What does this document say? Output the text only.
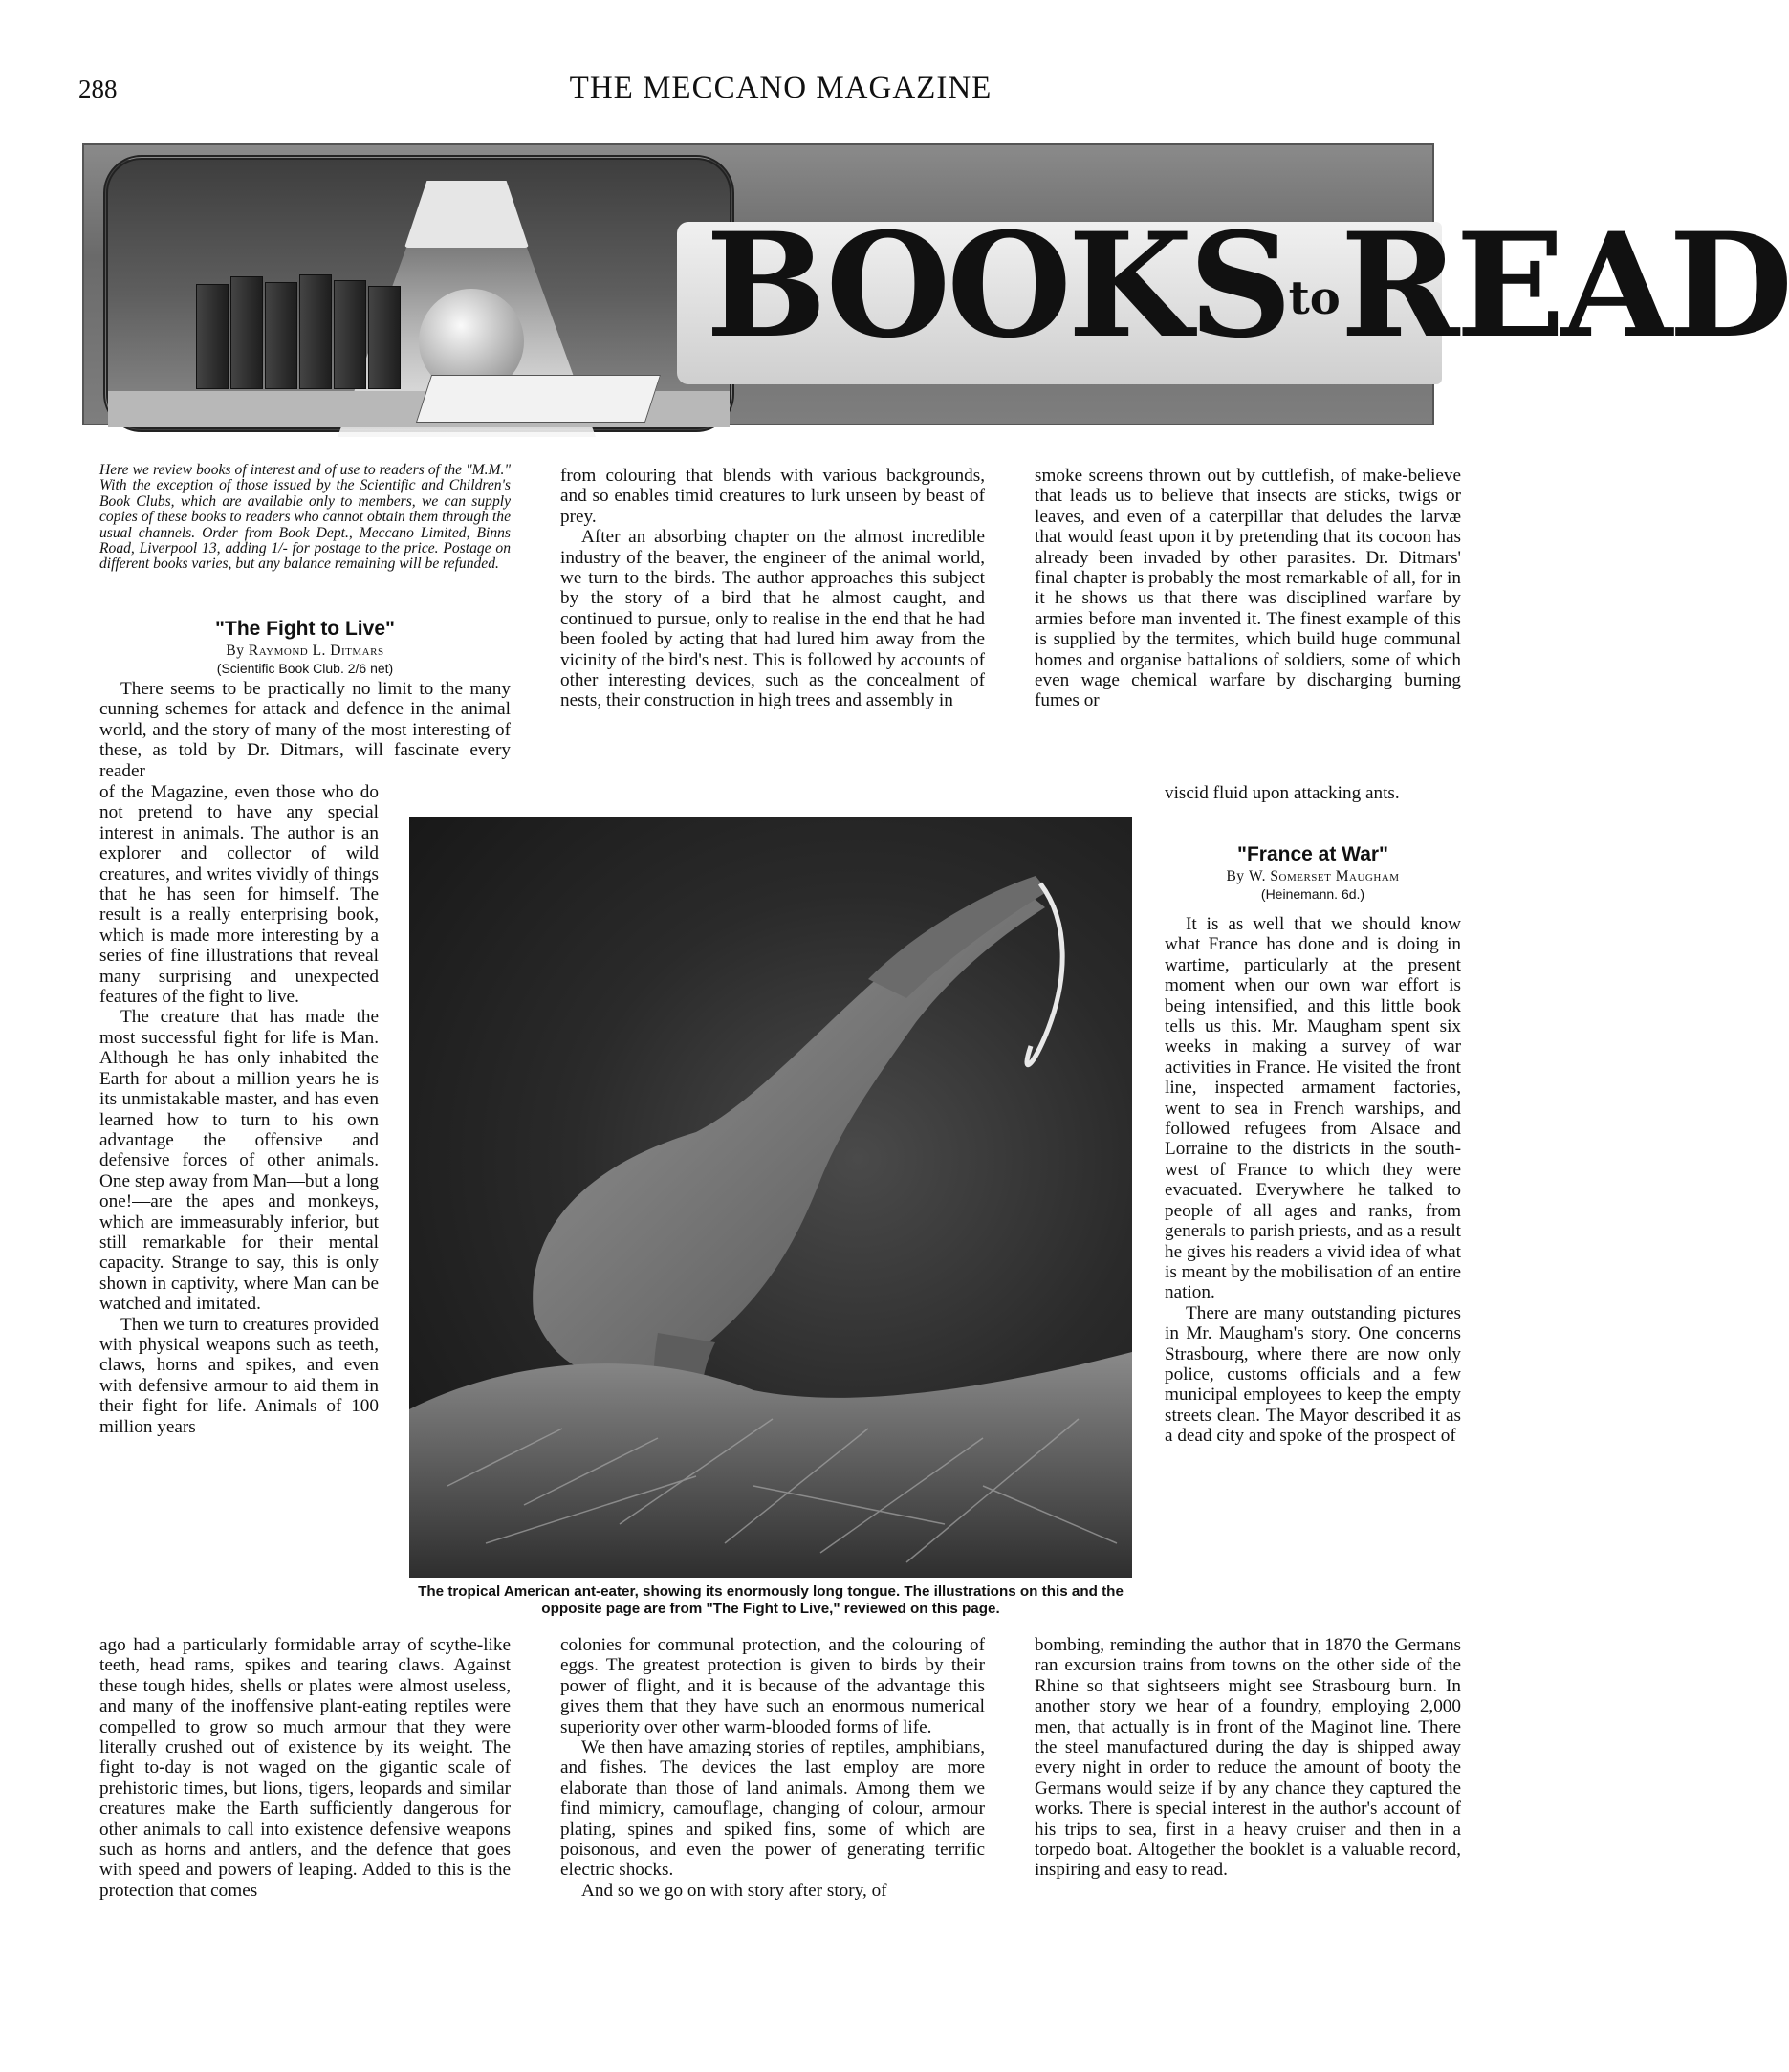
288	THE MECCANO MAGAZINE
BOOKStoREAD
Here we review books of interest and of use to readers of the "M.M." With the exception of those issued by the Scientific and Children's Book Clubs, which are available only to members, we can supply copies of these books to readers who cannot obtain them through the usual channels. Order from Book Dept., Meccano Limited, Binns Road, Liverpool 13, adding 1/- for postage to the price. Postage on different books varies, but any balance remaining will be refunded.
"The Fight to Live"
By Raymond L. Ditmars
(Scientific Book Club. 2/6 net)

There seems to be practically no limit to the many cunning schemes for attack and defence in the animal world, and the story of many of the most interesting of these, as told by Dr. Ditmars, will fascinate every reader

of the Magazine, even those who do not pretend to have any special interest in animals. The author is an explorer and collector of wild creatures, and writes vividly of things that he has seen for himself. The result is a really enterprising book, which is made more interesting by a series of fine illustrations that reveal many surprising and unexpected features of the fight to live.

The creature that has made the most successful fight for life is Man. Although he has only inhabited the Earth for about a million years he is its unmistakable master, and has even learned how to turn to his own advantage the offensive and defensive forces of other animals. One step away from Man—but a long one!—are the apes and monkeys, which are immeasurably inferior, but still remarkable for their mental capacity. Strange to say, this is only shown in captivity, where Man can be watched and imitated.

Then we turn to creatures provided with physical weapons such as teeth, claws, horns and spikes, and even with defensive armour to aid them in their fight for life. Animals of 100 million years

ago had a particularly formidable array of scythe-like teeth, head rams, spikes and tearing claws. Against these tough hides, shells or plates were almost useless, and many of the inoffensive plant-eating reptiles were compelled to grow so much armour that they were literally crushed out of existence by its weight. The fight to-day is not waged on the gigantic scale of prehistoric times, but lions, tigers, leopards and similar creatures make the Earth sufficiently dangerous for other animals to call into existence defensive weapons such as horns and antlers, and the defence that goes with speed and powers of leaping. Added to this is the protection that comes

from colouring that blends with various backgrounds, and so enables timid creatures to lurk unseen by beast of prey.

After an absorbing chapter on the almost incredible industry of the beaver, the engineer of the animal world, we turn to the birds. The author approaches this subject by the story of a bird that he almost caught, and continued to pursue, only to realise in the end that he had been fooled by acting that had lured him away from the vicinity of the bird's nest. This is followed by accounts of other interesting devices, such as the concealment of nests, their construction in high trees and assembly in

colonies for communal protection, and the colouring of eggs. The greatest protection is given to birds by their power of flight, and it is because of the advantage this gives them that they have such an enormous numerical superiority over other warm-blooded forms of life.

We then have amazing stories of reptiles, amphibians, and fishes. The devices the last employ are more elaborate than those of land animals. Among them we find mimicry, camouflage, changing of colour, armour plating, spines and spiked fins, some of which are poisonous, and even the power of generating terrific electric shocks.

And so we go on with story after story, of

smoke screens thrown out by cuttlefish, of make-believe that leads us to believe that insects are sticks, twigs or leaves, and even of a caterpillar that deludes the larvæ that would feast upon it by pretending that its cocoon has already been invaded by other parasites. Dr. Ditmars' final chapter is probably the most remarkable of all, for in it he shows us that there was disciplined warfare by armies before man invented it. The finest example of this is supplied by the termites, which build huge communal homes and organise battalions of soldiers, some of which even wage chemical warfare by discharging burning fumes or

viscid fluid upon attacking ants.

"France at War"
By W. Somerset Maugham
(Heinemann. 6d.)

It is as well that we should know what France has done and is doing in wartime, particularly at the present moment when our own war effort is being intensified, and this little book tells us this. Mr. Maugham spent six weeks in making a survey of war activities in France. He visited the front line, inspected armament factories, went to sea in French warships, and followed refugees from Alsace and Lorraine to the districts in the south-west of France to which they were evacuated. Everywhere he talked to people of all ages and ranks, from generals to parish priests, and as a result he gives his readers a vivid idea of what is meant by the mobilisation of an entire nation.

There are many outstanding pictures in Mr. Maugham's story. One concerns Strasbourg, where there are now only police, customs officials and a few municipal employees to keep the empty streets clean. The Mayor described it as a dead city and spoke of the prospect of

bombing, reminding the author that in 1870 the Germans ran excursion trains from towns on the other side of the Rhine so that sightseers might see Strasbourg burn. In another story we hear of a foundry, employing 2,000 men, that actually is in front of the Maginot line. There the steel manufactured during the day is shipped away every night in order to reduce the amount of booty the Germans would seize if by any chance they captured the works. There is special interest in the author's account of his trips to sea, first in a heavy cruiser and then in a torpedo boat. Altogether the booklet is a valuable record, inspiring and easy to read.

The tropical American ant-eater, showing its enormously long tongue. The illustrations on this and the opposite page are from "The Fight to Live," reviewed on this page.
